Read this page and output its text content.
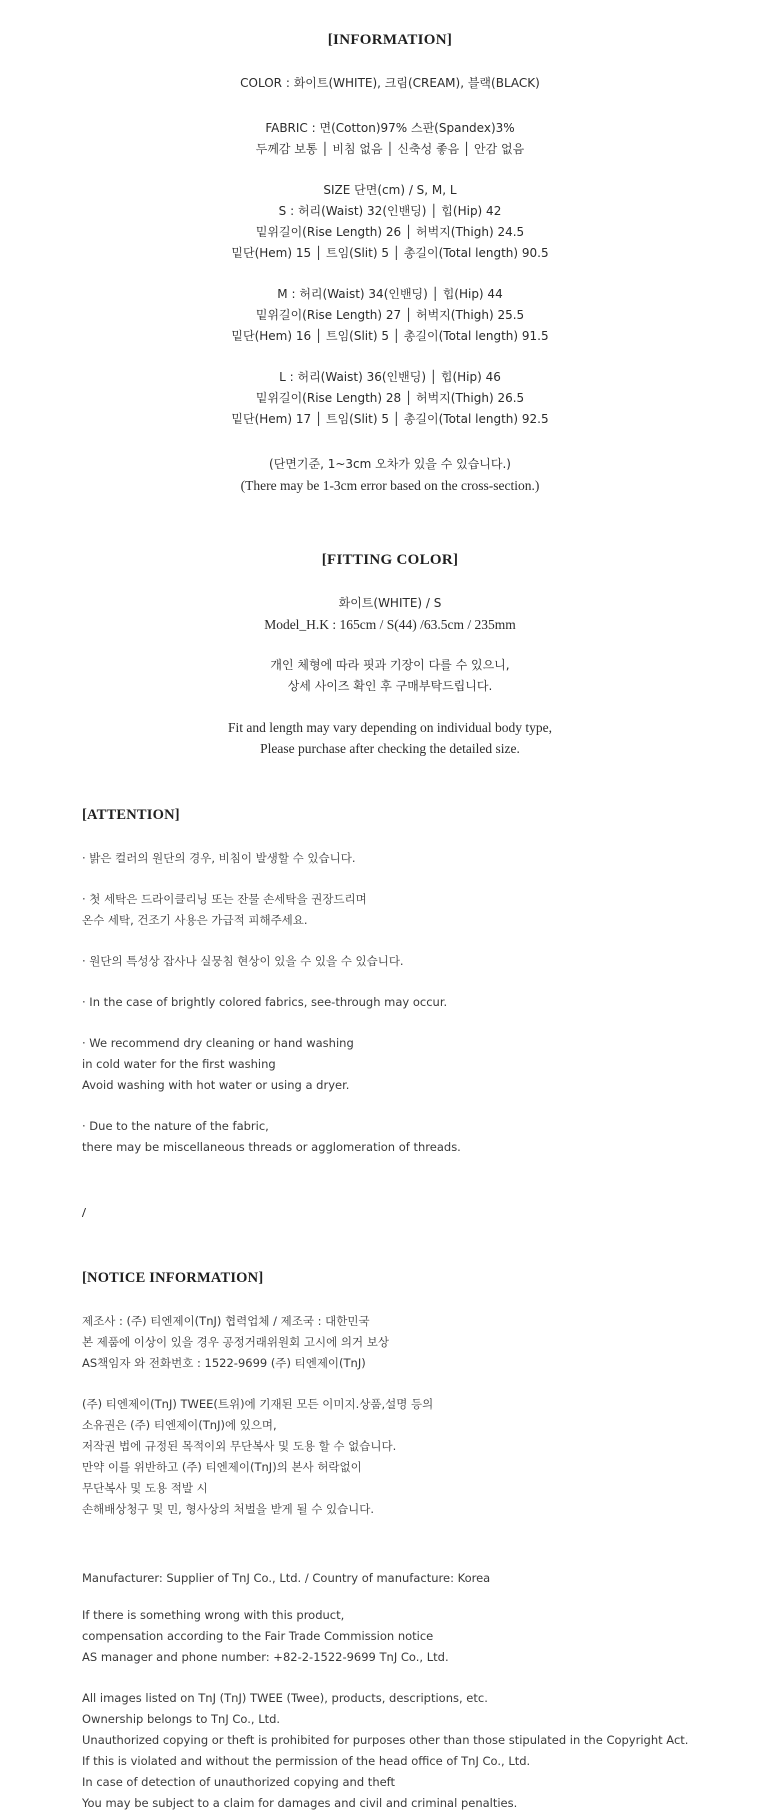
[INFORMATION]
COLOR : 화이트(WHITE), 크림(CREAM), 블랙(BLACK)
FABRIC : 면(Cotton)97% 스판(Spandex)3%
두께감 보통 │ 비침 없음 │ 신축성 좋음 │ 안감 없음
SIZE 단면(cm) / S, M, L
S : 허리(Waist) 32(인밴딩) │ 힙(Hip) 42
밑위길이(Rise Length) 26 │ 허벅지(Thigh) 24.5
밑단(Hem) 15 │ 트임(Slit) 5 │ 총길이(Total length) 90.5
M : 허리(Waist) 34(인밴딩) │ 힙(Hip) 44
밑위길이(Rise Length) 27 │ 허벅지(Thigh) 25.5
밑단(Hem) 16 │ 트임(Slit) 5 │ 총길이(Total length) 91.5
L : 허리(Waist) 36(인밴딩) │ 힙(Hip) 46
밑위길이(Rise Length) 28 │ 허벅지(Thigh) 26.5
밑단(Hem) 17 │ 트임(Slit) 5 │ 총길이(Total length) 92.5
(단면기준, 1~3cm 오차가 있을 수 있습니다.)
(There may be 1-3cm error based on the cross-section.)
[FITTING COLOR]
화이트(WHITE) / S
Model_H.K : 165cm / S(44) /63.5cm / 235mm
개인 체형에 따라 핏과 기장이 다를 수 있으니,
상세 사이즈 확인 후 구매부탁드립니다.
Fit and length may vary depending on individual body type,
Please purchase after checking the detailed size.
[ATTENTION]
· 밝은 컬러의 원단의 경우, 비침이 발생할 수 있습니다.
· 첫 세탁은 드라이클리닝 또는 잔물 손세탁을 권장드리며
온수 세탁, 건조기 사용은 가급적 피해주세요.
· 원단의 특성상 잡사나 실뭉침 현상이 있을 수 있을 수 있습니다.
· In the case of brightly colored fabrics, see-through may occur.
· We recommend dry cleaning or hand washing
in cold water for the first washing
Avoid washing with hot water or using a dryer.
· Due to the nature of the fabric,
there may be miscellaneous threads or agglomeration of threads.
/
[NOTICE INFORMATION]
제조사 : (주) 티엔제이(TnJ) 협력업체 / 제조국 : 대한민국
본 제품에 이상이 있을 경우 공정거래위원회 고시에 의거 보상
AS책임자 와 전화번호 : 1522-9699 (주) 티엔제이(TnJ)
(주) 티엔제이(TnJ) TWEE(트위)에 기재된 모든 이미지.상품,설명 등의
소유권은 (주) 티엔제이(TnJ)에 있으며,
저작권 법에 규정된 목적이외 무단복사 및 도용 할 수 없습니다.
만약 이를 위반하고 (주) 티엔제이(TnJ)의 본사 허락없이
무단복사 및 도용 적발 시
손해배상청구 및 민, 형사상의 처벌을 받게 될 수 있습니다.
Manufacturer: Supplier of TnJ Co., Ltd. / Country of manufacture: Korea
If there is something wrong with this product,
compensation according to the Fair Trade Commission notice
AS manager and phone number: +82-2-1522-9699 TnJ Co., Ltd.
All images listed on TnJ (TnJ) TWEE (Twee), products, descriptions, etc.
Ownership belongs to TnJ Co., Ltd.
Unauthorized copying or theft is prohibited for purposes other than those stipulated in the Copyright Act.
If this is violated and without the permission of the head office of TnJ Co., Ltd.
In case of detection of unauthorized copying and theft
You may be subject to a claim for damages and civil and criminal penalties.
